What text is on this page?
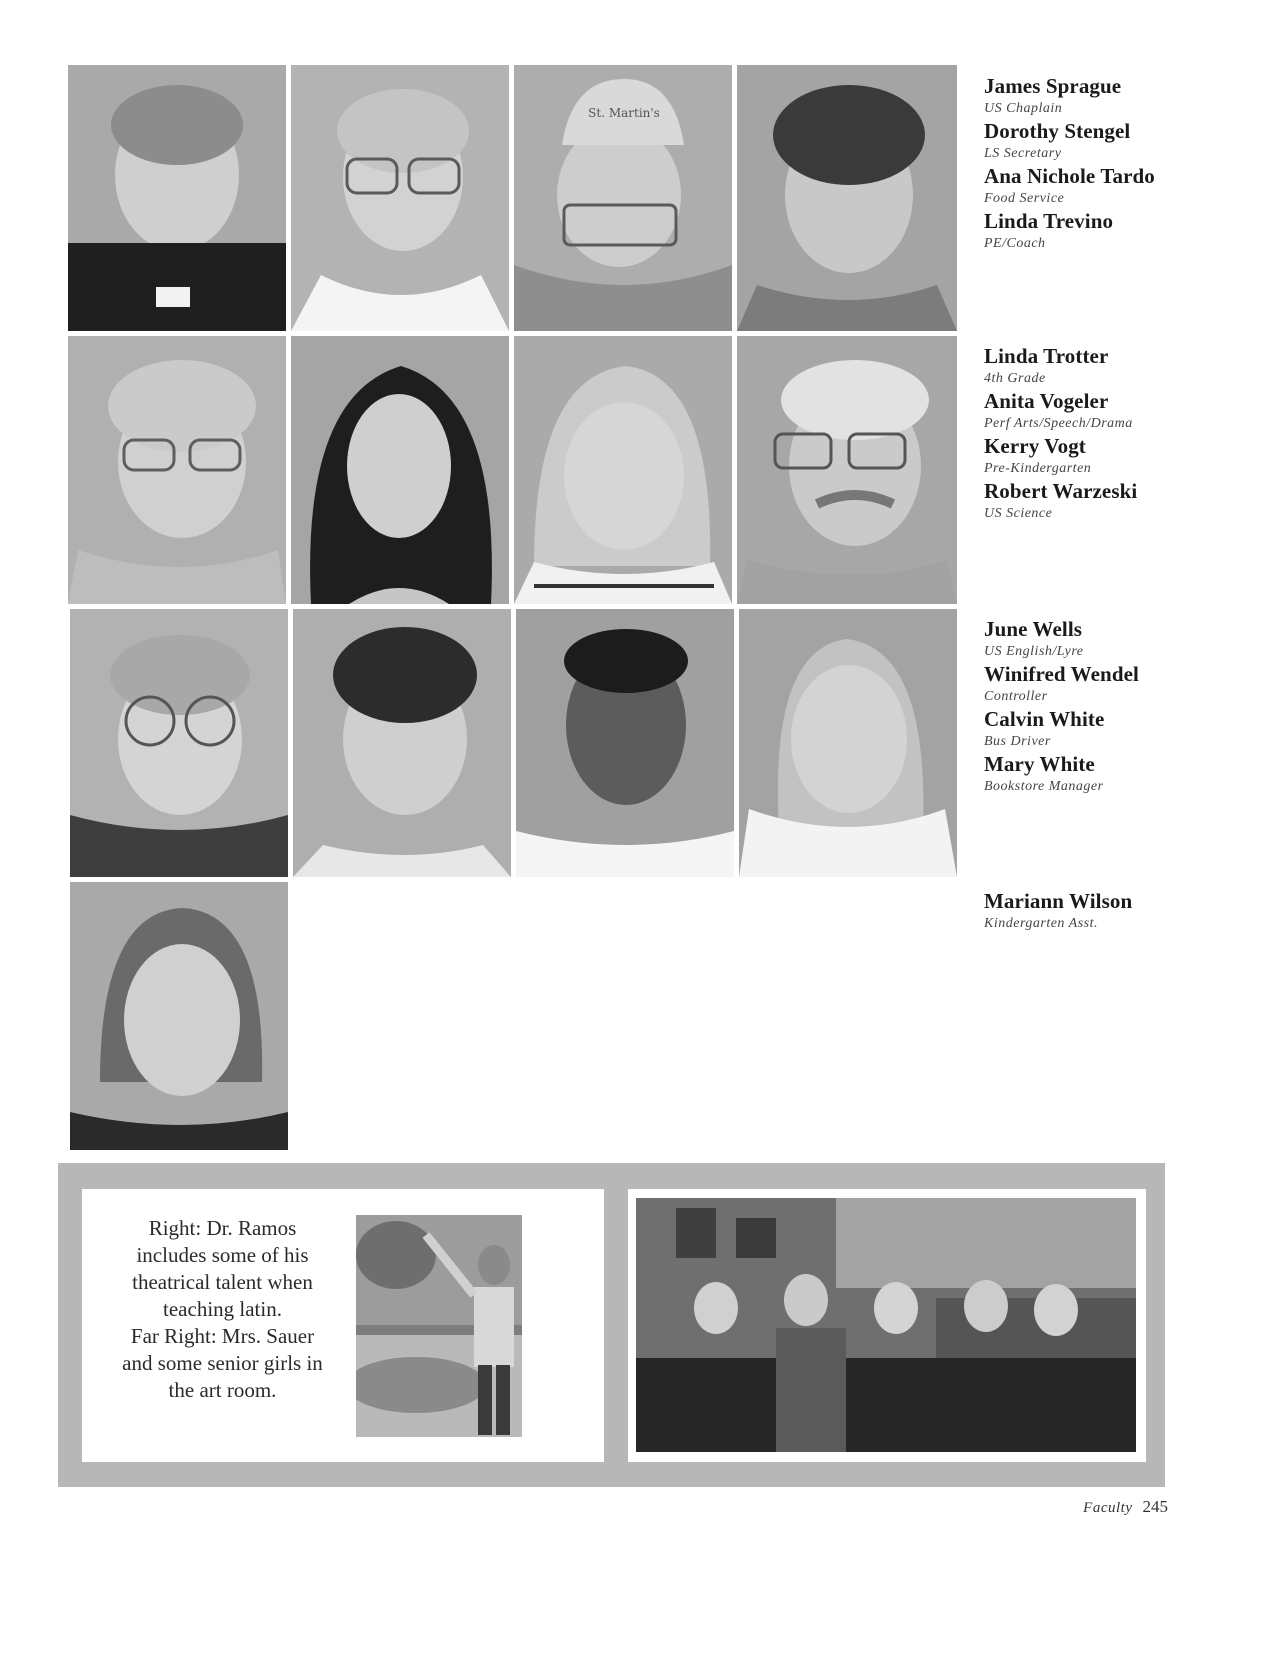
St. Martin's
James Sprague
US Chaplain
Dorothy Stengel
LS Secretary
Ana Nichole Tardo
Food Service
Linda Trevino
PE/Coach
Linda Trotter
4th Grade
Anita Vogeler
Perf Arts/Speech/Drama
Kerry Vogt
Pre-Kindergarten
Robert Warzeski
US Science
June Wells
US English/Lyre
Winifred Wendel
Controller
Calvin White
Bus Driver
Mary White
Bookstore Manager
Mariann Wilson
Kindergarten Asst.
Right: Dr. Ramos
includes some of his
theatrical talent when
teaching latin.
Far Right: Mrs. Sauer
and some senior girls in
the art room.
Faculty 245
